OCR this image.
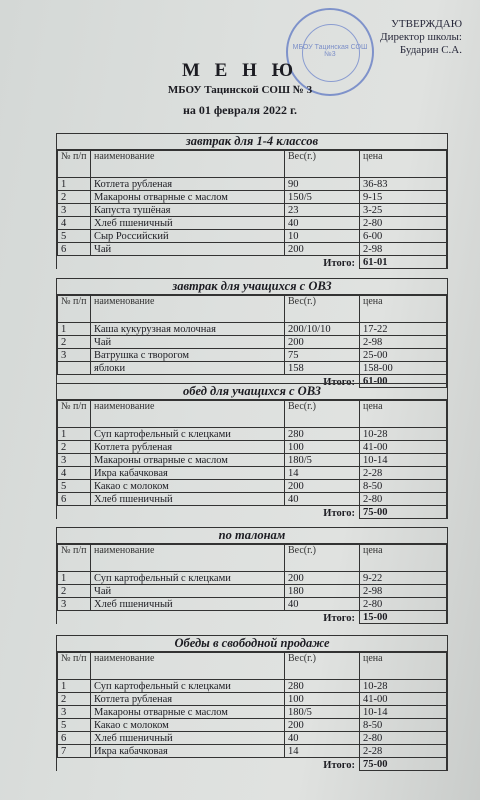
МБОУ Тацинская СОШ №3
УТВЕРЖДАЮ
Директор школы:
Бударин С.А.
М Е Н Ю
МБОУ Тацинской СОШ № 3
на 01 февраля 2022 г.
завтрак для 1-4 классов
№ п/п	наименование	Вес(г.)	цена
1	Котлета рубленая	90	36-83
2	Макароны отварные с маслом	150/5	9-15
3	Капуста тушёная	23	3-25
4	Хлеб пшеничный	40	2-80
5	Сыр Российский	10	6-00
6	Чай	200	2-98
		Итого:	61-01
завтрак для учащихся с ОВЗ
№ п/п	наименование	Вес(г.)	цена
1	Каша кукурузная молочная	200/10/10	17-22
2	Чай	200	2-98
3	Ватрушка с творогом	75	25-00
	яблоки	158	158-00
		Итого:	61-00
обед для учащихся с ОВЗ
№ п/п	наименование	Вес(г.)	цена
1	Суп картофельный с клецками	280	10-28
2	Котлета рубленая	100	41-00
3	Макароны отварные с маслом	180/5	10-14
4	Икра кабачковая	14	2-28
5	Какао с молоком	200	8-50
6	Хлеб пшеничный	40	2-80
		Итого:	75-00
по талонам
№ п/п	наименование	Вес(г.)	цена
1	Суп картофельный с клецками	200	9-22
2	Чай	180	2-98
3	Хлеб пшеничный	40	2-80
		Итого:	15-00
Обеды в свободной продаже
№ п/п	наименование	Вес(г.)	цена
1	Суп картофельный с клецками	280	10-28
2	Котлета рубленая	100	41-00
3	Макароны отварные с маслом	180/5	10-14
5	Какао с молоком	200	8-50
6	Хлеб пшеничный	40	2-80
7	Икра кабачковая	14	2-28
		Итого:	75-00
